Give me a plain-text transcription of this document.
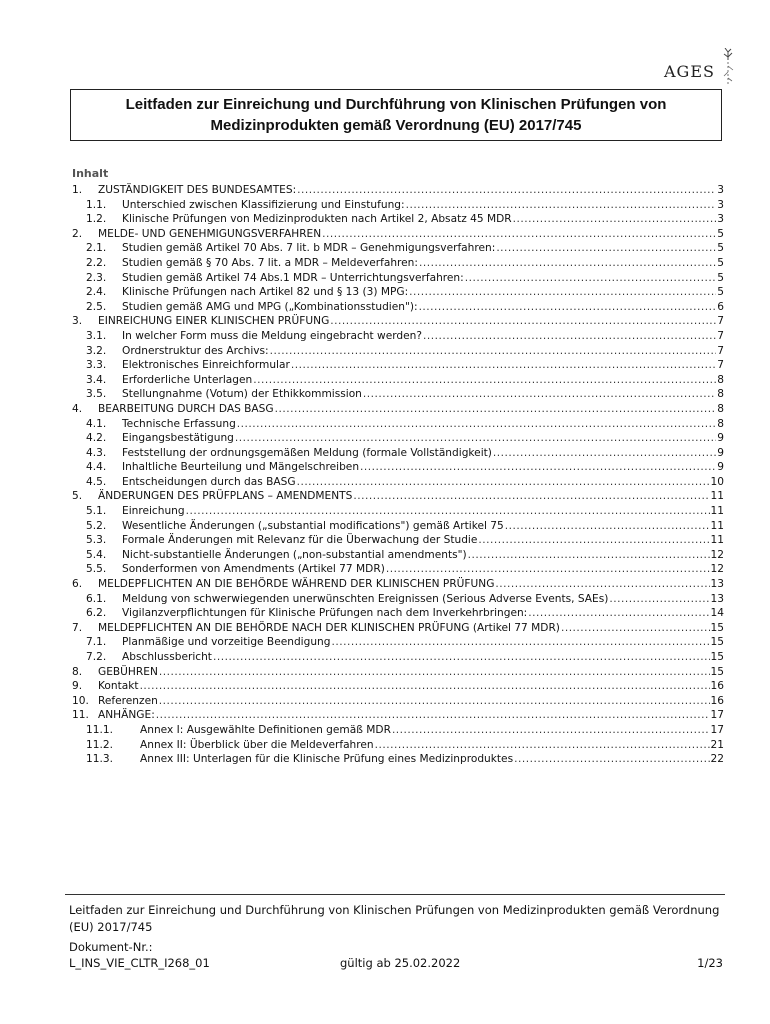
AGES
Leitfaden zur Einreichung und Durchführung von Klinischen Prüfungen von
Medizinprodukten gemäß Verordnung (EU) 2017/745
Inhalt
1.	ZUSTÄNDIGKEIT DES BUNDESAMTES: .....	3
1.1.	Unterschied zwischen Klassifizierung und Einstufung: .....	3
1.2.	Klinische Prüfungen von Medizinprodukten nach Artikel 2, Absatz 45 MDR .....	3
2.	MELDE- UND GENEHMIGUNGSVERFAHREN .....	5
2.1.	Studien gemäß Artikel 70 Abs. 7 lit. b MDR – Genehmigungsverfahren: .....	5
2.2.	Studien gemäß § 70 Abs. 7 lit. a MDR – Meldeverfahren: .....	5
2.3.	Studien gemäß Artikel 74 Abs.1 MDR – Unterrichtungsverfahren: .....	5
2.4.	Klinische Prüfungen nach Artikel 82 und § 13 (3) MPG: .....	5
2.5.	Studien gemäß AMG und MPG („Kombinationsstudien"): .....	6
3.	EINREICHUNG EINER KLINISCHEN PRÜFUNG .....	7
3.1.	In welcher Form muss die Meldung eingebracht werden? .....	7
3.2.	Ordnerstruktur des Archivs: .....	7
3.3.	Elektronisches Einreichformular .....	7
3.4.	Erforderliche Unterlagen .....	8
3.5.	Stellungnahme (Votum) der Ethikkommission .....	8
4.	BEARBEITUNG DURCH DAS BASG .....	8
4.1.	Technische Erfassung .....	8
4.2.	Eingangsbestätigung .....	9
4.3.	Feststellung der ordnungsgemäßen Meldung (formale Vollständigkeit) .....	9
4.4.	Inhaltliche Beurteilung und Mängelschreiben .....	9
4.5.	Entscheidungen durch das BASG .....	10
5.	ÄNDERUNGEN DES PRÜFPLANS – AMENDMENTS .....	11
5.1.	Einreichung .....	11
5.2.	Wesentliche Änderungen („substantial modifications") gemäß Artikel 75 .....	11
5.3.	Formale Änderungen mit Relevanz für die Überwachung der Studie .....	11
5.4.	Nicht-substantielle Änderungen („non-substantial amendments") .....	12
5.5.	Sonderformen von Amendments (Artikel 77 MDR) .....	12
6.	MELDEPFLICHTEN AN DIE BEHÖRDE WÄHREND DER KLINISCHEN PRÜFUNG .....	13
6.1.	Meldung von schwerwiegenden unerwünschten Ereignissen (Serious Adverse Events, SAEs) .....	13
6.2.	Vigilanzverpflichtungen für Klinische Prüfungen nach dem Inverkehrbringen: .....	14
7.	MELDEPFLICHTEN AN DIE BEHÖRDE NACH DER KLINISCHEN PRÜFUNG (Artikel 77 MDR) .....	15
7.1.	Planmäßige und vorzeitige Beendigung .....	15
7.2.	Abschlussbericht .....	15
8.	GEBÜHREN .....	15
9.	Kontakt .....	16
10. Referenzen .....	16
11. ANHÄNGE: .....	17
11.1.	Annex I: Ausgewählte Definitionen gemäß MDR .....	17
11.2.	Annex II: Überblick über die Meldeverfahren .....	21
11.3.	Annex III: Unterlagen für die Klinische Prüfung eines Medizinproduktes .....	22
Leitfaden zur Einreichung und Durchführung von Klinischen Prüfungen von Medizinprodukten gemäß Verordnung (EU) 2017/745
Dokument-Nr.:
L_INS_VIE_CLTR_I268_01	gültig ab 25.02.2022	1/23
